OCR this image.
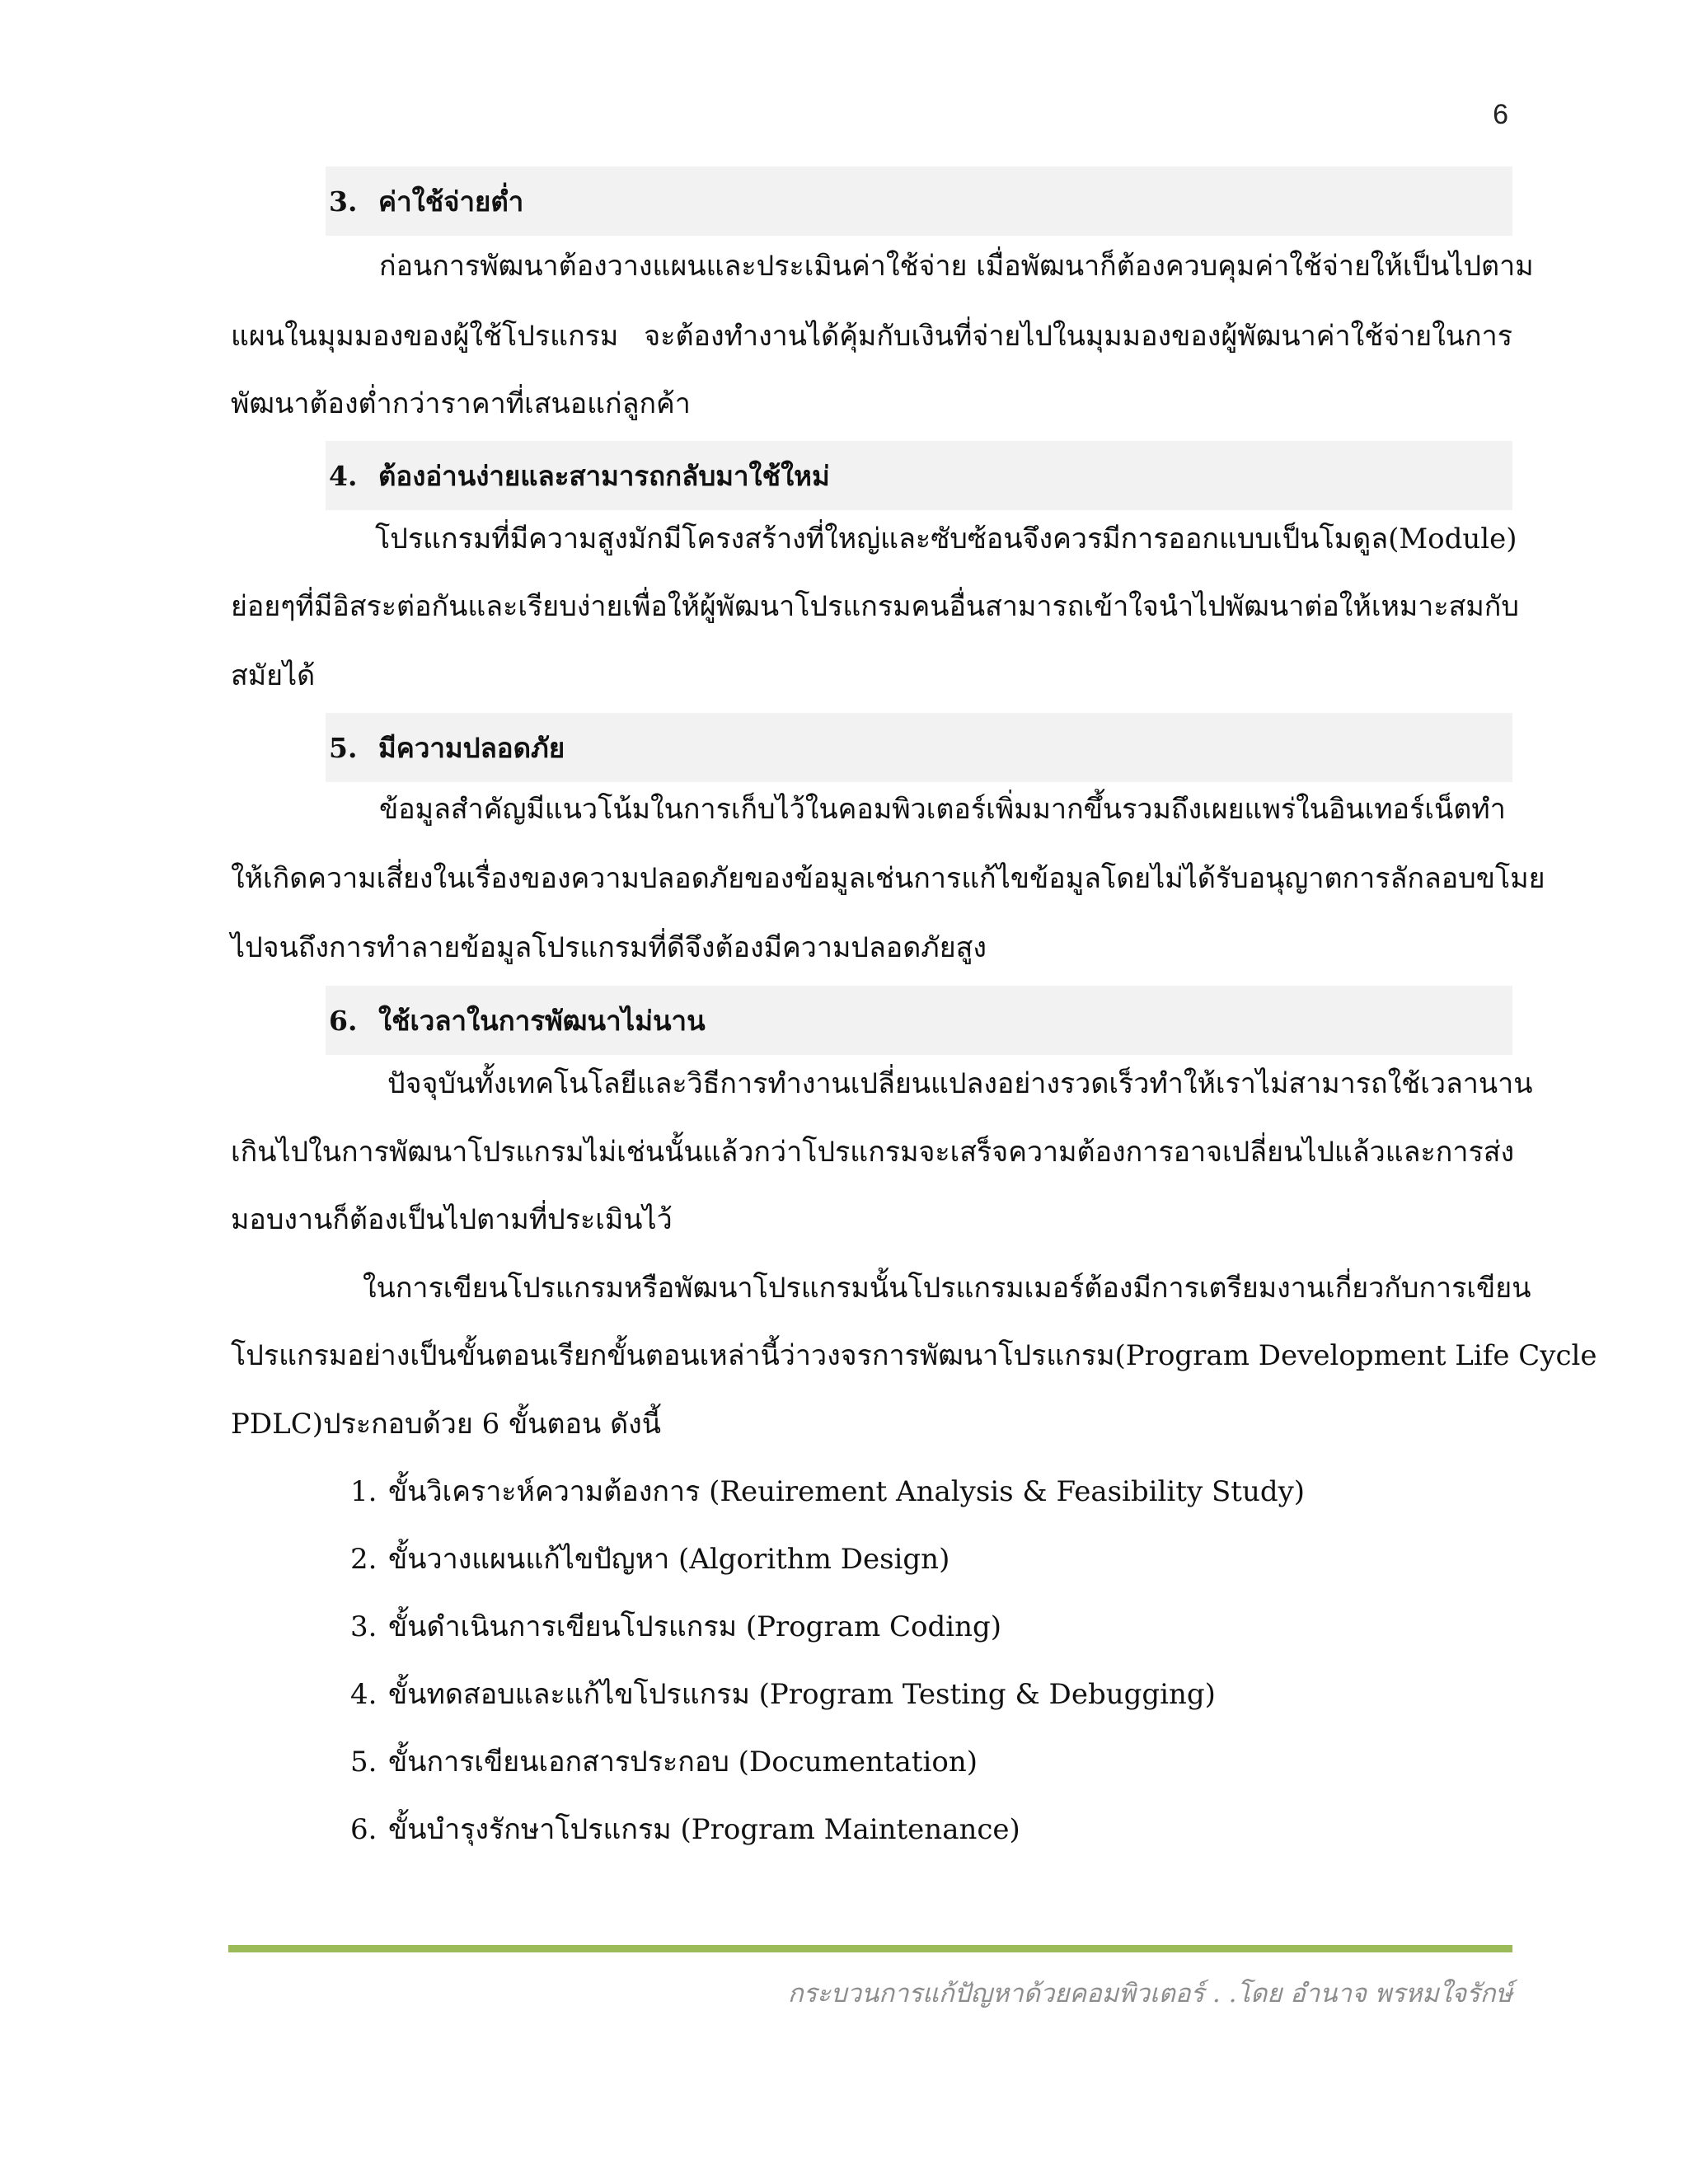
6
3. ค่าใช้จ่ายต่ำ
ก่อนการพัฒนาต้องวางแผนและประเมินค่าใช้จ่าย เมื่อพัฒนาก็ต้องควบคุมค่าใช้จ่ายให้เป็นไปตาม
แผนในมุมมองของผู้ใช้โปรแกรม จะต้องทำงานได้คุ้มกับเงินที่จ่ายไปในมุมมองของผู้พัฒนาค่าใช้จ่ายในการ
พัฒนาต้องต่ำกว่าราคาที่เสนอแก่ลูกค้า
4. ต้องอ่านง่ายและสามารถกลับมาใช้ใหม่
โปรแกรมที่มีความสูงมักมีโครงสร้างที่ใหญ่และซับซ้อนจึงควรมีการออกแบบเป็นโมดูล(Module)
ย่อยๆที่มีอิสระต่อกันและเรียบง่ายเพื่อให้ผู้พัฒนาโปรแกรมคนอื่นสามารถเข้าใจนำไปพัฒนาต่อให้เหมาะสมกับ
สมัยได้
5. มีความปลอดภัย
ข้อมูลสำคัญมีแนวโน้มในการเก็บไว้ในคอมพิวเตอร์เพิ่มมากขึ้นรวมถึงเผยแพร่ในอินเทอร์เน็ตทำ
ให้เกิดความเสี่ยงในเรื่องของความปลอดภัยของข้อมูลเช่นการแก้ไขข้อมูลโดยไม่ได้รับอนุญาตการลักลอบขโมย
ไปจนถึงการทำลายข้อมูลโปรแกรมที่ดีจึงต้องมีความปลอดภัยสูง
6. ใช้เวลาในการพัฒนาไม่นาน
ปัจจุบันทั้งเทคโนโลยีและวิธีการทำงานเปลี่ยนแปลงอย่างรวดเร็วทำให้เราไม่สามารถใช้เวลานาน
เกินไปในการพัฒนาโปรแกรมไม่เช่นนั้นแล้วกว่าโปรแกรมจะเสร็จความต้องการอาจเปลี่ยนไปแล้วและการส่ง
มอบงานก็ต้องเป็นไปตามที่ประเมินไว้
ในการเขียนโปรแกรมหรือพัฒนาโปรแกรมนั้นโปรแกรมเมอร์ต้องมีการเตรียมงานเกี่ยวกับการเขียน
โปรแกรมอย่างเป็นขั้นตอนเรียกขั้นตอนเหล่านี้ว่าวงจรการพัฒนาโปรแกรม(Program Development Life Cycle
PDLC)ประกอบด้วย 6 ขั้นตอน ดังนี้
1. ขั้นวิเคราะห์ความต้องการ (Reuirement Analysis & Feasibility Study)
2. ขั้นวางแผนแก้ไขปัญหา (Algorithm Design)
3. ขั้นดำเนินการเขียนโปรแกรม (Program Coding)
4. ขั้นทดสอบและแก้ไขโปรแกรม (Program Testing & Debugging)
5. ขั้นการเขียนเอกสารประกอบ (Documentation)
6. ขั้นบำรุงรักษาโปรแกรม (Program Maintenance)
กระบวนการแก้ปัญหาด้วยคอมพิวเตอร์ . .โดย อำนาจ พรหมใจรักษ์
